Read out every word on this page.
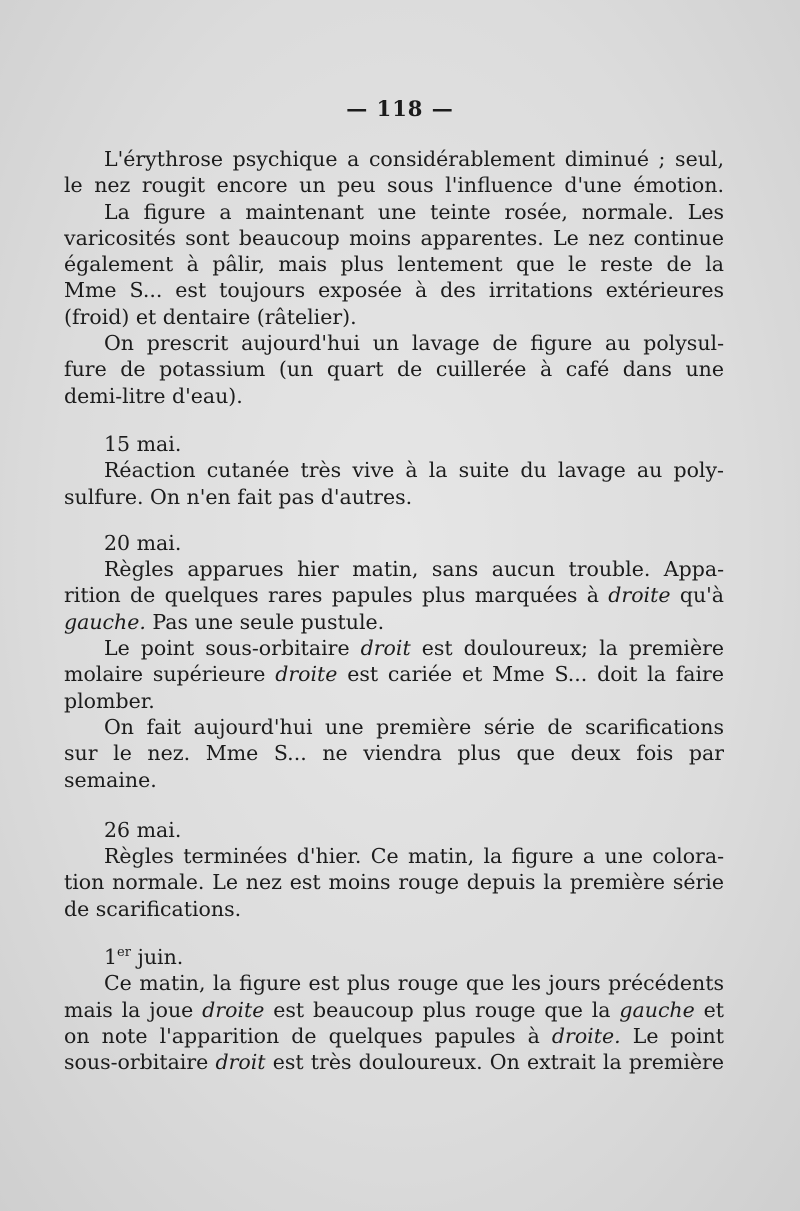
— 118 —
L'érythrose psychique a considérablement diminué ; seul,
le nez rougit encore un peu sous l'influence d'une émotion.
La figure a maintenant une teinte rosée, normale. Les
varicosités sont beaucoup moins apparentes. Le nez continue
également à pâlir, mais plus lentement que le reste de la
Mme S... est toujours exposée à des irritations extérieures
(froid) et dentaire (râtelier).
On prescrit aujourd'hui un lavage de figure au polysul-
fure de potassium (un quart de cuillerée à café dans une
demi-litre d'eau).
15 mai.
Réaction cutanée très vive à la suite du lavage au poly-
sulfure. On n'en fait pas d'autres.
20 mai.
Règles apparues hier matin, sans aucun trouble. Appa-
rition de quelques rares papules plus marquées à droite qu'à
gauche. Pas une seule pustule.
Le point sous-orbitaire droit est douloureux; la première
molaire supérieure droite est cariée et Mme S... doit la faire
plomber.
On fait aujourd'hui une première série de scarifications
sur le nez. Mme S... ne viendra plus que deux fois par
semaine.
26 mai.
Règles terminées d'hier. Ce matin, la figure a une colora-
tion normale. Le nez est moins rouge depuis la première série
de scarifications.
1er juin.
Ce matin, la figure est plus rouge que les jours précédents
mais la joue droite est beaucoup plus rouge que la gauche et
on note l'apparition de quelques papules à droite. Le point
sous-orbitaire droit est très douloureux. On extrait la première
